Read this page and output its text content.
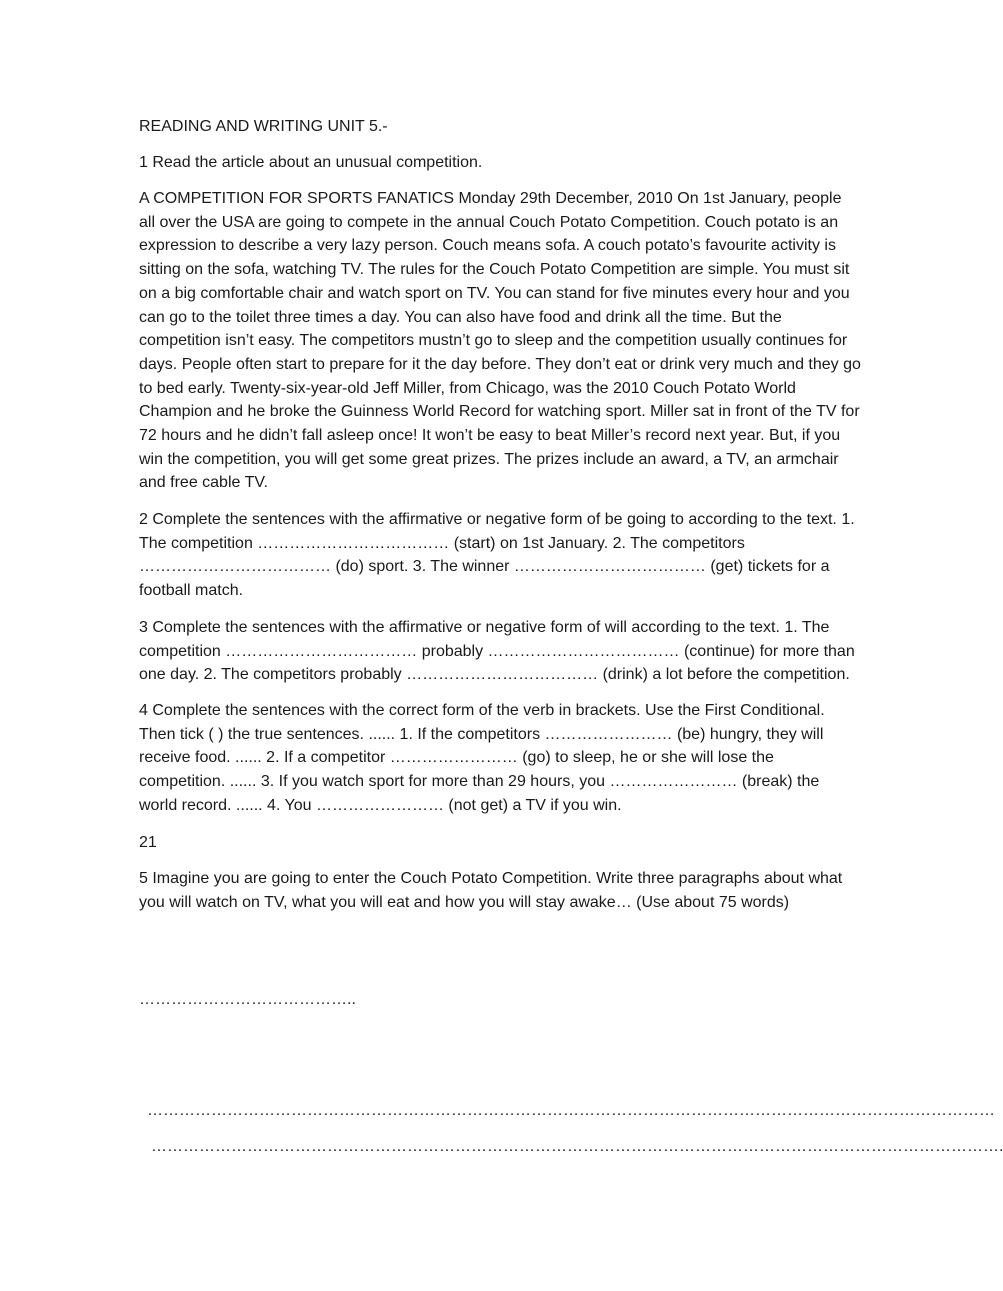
READING AND WRITING UNIT 5.-

1 Read the article about an unusual competition.

A COMPETITION FOR SPORTS FANATICS Monday 29th December, 2010 On 1st January, people all over the USA are going to compete in the annual Couch Potato Competition. Couch potato is an expression to describe a very lazy person. Couch means sofa. A couch potato’s favourite activity is sitting on the sofa, watching TV. The rules for the Couch Potato Competition are simple. You must sit on a big comfortable chair and watch sport on TV. You can stand for five minutes every hour and you can go to the toilet three times a day. You can also have food and drink all the time. But the competition isn’t easy. The competitors mustn’t go to sleep and the competition usually continues for days. People often start to prepare for it the day before. They don’t eat or drink very much and they go to bed early. Twenty-six-year-old Jeff Miller, from Chicago, was the 2010 Couch Potato World Champion and he broke the Guinness World Record for watching sport. Miller sat in front of the TV for 72 hours and he didn’t fall asleep once! It won’t be easy to beat Miller’s record next year. But, if you win the competition, you will get some great prizes. The prizes include an award, a TV, an armchair and free cable TV.

2 Complete the sentences with the affirmative or negative form of be going to according to the text. 1. The competition ……………………………… (start) on 1st January. 2. The competitors ……………………………… (do) sport. 3. The winner ……………………………… (get) tickets for a football match.

3 Complete the sentences with the affirmative or negative form of will according to the text. 1. The competition ……………………………… probably ……………………………… (continue) for more than one day. 2. The competitors probably ……………………………… (drink) a lot before the competition.

4 Complete the sentences with the correct form of the verb in brackets. Use the First Conditional. Then tick ( ) the true sentences. ...... 1. If the competitors …………………… (be) hungry, they will receive food. ...... 2. If a competitor …………………… (go) to sleep, he or she will lose the competition. ...... 3. If you watch sport for more than 29 hours, you …………………… (break) the world record. ...... 4. You …………………… (not get) a TV if you win.

21

5 Imagine you are going to enter the Couch Potato Competition. Write three paragraphs about what you will watch on TV, what you will eat and how you will stay awake… (Use about 75 words)

…………………………………..

……………………………………………………………………………………………………………………………………………

…………………………………………………………………………………………………………………………………………….
